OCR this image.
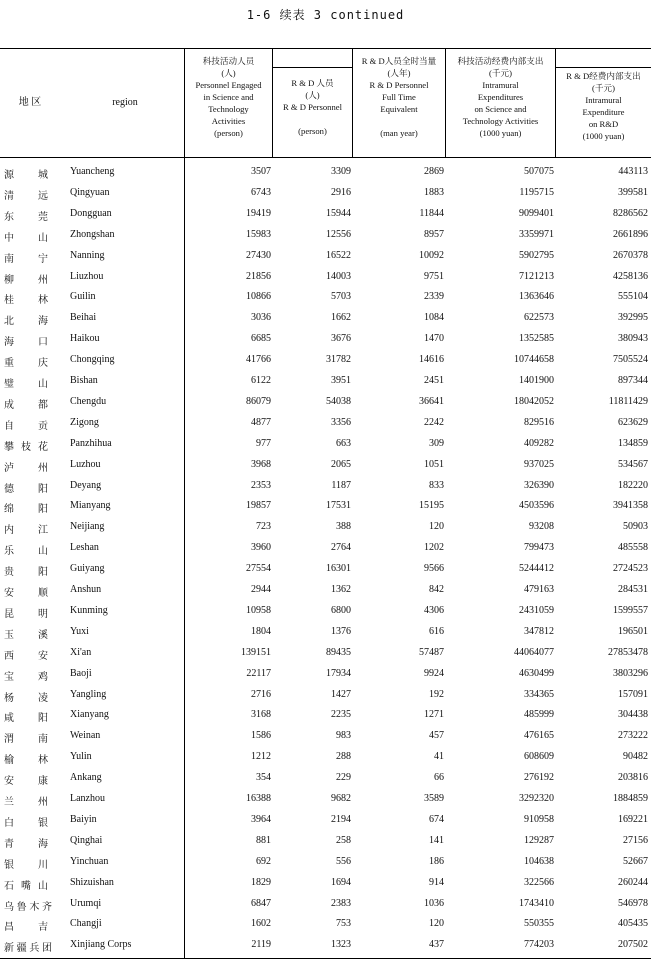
1-6 续表 3 continued
地 区	region
科技活动人员
(人)
Personnel Engaged
in Science and
Technology
Activities
(person)
R & D 人员
(人)
R & D Personnel

(person)
R & D人员全时当量
(人年)
R & D Personnel
Full Time
Equivalent

(man year)
科技活动经费内部支出
(千元)
Intramural
Expenditures
on Science and
Technology Activities
(1000 yuan)
R & D经费内部支出
(千元)
Intramural
Expenditure
on R&D
(1000 yuan)
源 城 Yuancheng	3507	3309	2869	507075	443113
清 远 Qingyuan	6743	2916	1883	1195715	399581
东 莞 Dongguan	19419	15944	11844	9099401	8286562
中 山 Zhongshan	15983	12556	8957	3359971	2661896
南 宁 Nanning	27430	16522	10092	5902795	2670378
柳 州 Liuzhou	21856	14003	9751	7121213	4258136
桂 林 Guilin	10866	5703	2339	1363646	555104
北 海 Beihai	3036	1662	1084	622573	392995
海 口 Haikou	6685	3676	1470	1352585	380943
重 庆 Chongqing	41766	31782	14616	10744658	7505524
璧 山 Bishan	6122	3951	2451	1401900	897344
成 都 Chengdu	86079	54038	36641	18042052	11811429
自 贡 Zigong	4877	3356	2242	829516	623629
攀 枝 花 Panzhihua	977	663	309	409282	134859
泸 州 Luzhou	3968	2065	1051	937025	534567
德 阳 Deyang	2353	1187	833	326390	182220
绵 阳 Mianyang	19857	17531	15195	4503596	3941358
内 江 Neijiang	723	388	120	93208	50903
乐 山 Leshan	3960	2764	1202	799473	485558
贵 阳 Guiyang	27554	16301	9566	5244412	2724523
安 顺 Anshun	2944	1362	842	479163	284531
昆 明 Kunming	10958	6800	4306	2431059	1599557
玉 溪 Yuxi	1804	1376	616	347812	196501
西 安 Xi'an	139151	89435	57487	44064077	27853478
宝 鸡 Baoji	22117	17934	9924	4630499	3803296
杨 凌 Yangling	2716	1427	192	334365	157091
咸 阳 Xianyang	3168	2235	1271	485999	304438
渭 南 Weinan	1586	983	457	476165	273222
榆 林 Yulin	1212	288	41	608609	90482
安 康 Ankang	354	229	66	276192	203816
兰 州 Lanzhou	16388	9682	3589	3292320	1884859
白 银 Baiyin	3964	2194	674	910958	169221
青 海 Qinghai	881	258	141	129287	27156
银 川 Yinchuan	692	556	186	104638	52667
石 嘴 山 Shizuishan	1829	1694	914	322566	260244
乌 鲁 木 齐 Urumqi	6847	2383	1036	1743410	546978
昌 吉 Changji	1602	753	120	550355	405435
新 疆 兵 团 Xinjiang Corps	2119	1323	437	774203	207502
